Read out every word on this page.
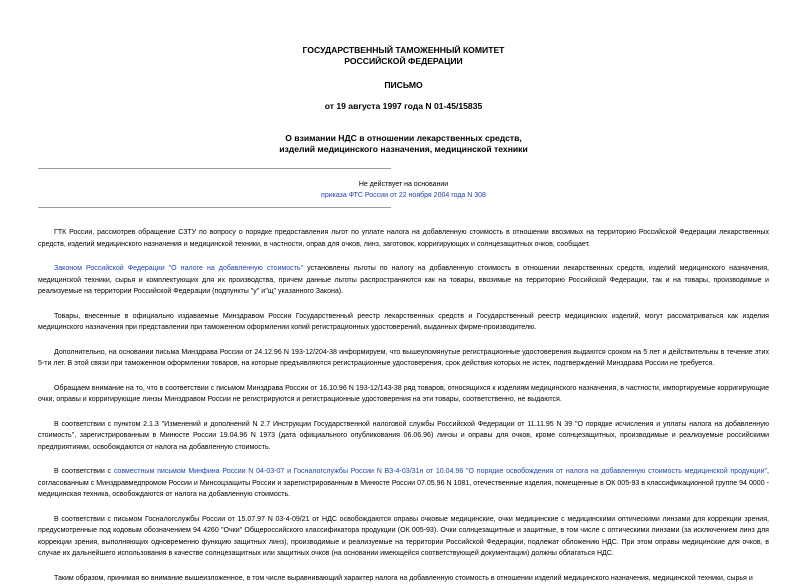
ГОСУДАРСТВЕННЫЙ ТАМОЖЕННЫЙ КОМИТЕТ
РОССИЙСКОЙ ФЕДЕРАЦИИ
ПИСЬМО
от 19 августа 1997 года N 01-45/15835
О взимании НДС в отношении лекарственных средств,
изделий медицинского назначения, медицинской техники
Не действует на основании
приказа ФТС России от 22 ноября 2004 года N 308

ГТК России, рассмотрев обращение СЗТУ по вопросу о порядке предоставления льгот по уплате налога на добавленную стоимость в отношении ввозимых на территорию Российской Федерации лекарственных средств, изделий медицинского назначения и медицинской техники, в частности, оправ для очков, линз, заготовок, корригирующих и солнцезащитных очков, сообщает.

Законом Российской Федерации "О налоге на добавленную стоимость" установлены льготы по налогу на добавленную стоимость в отношении лекарственных средств, изделий медицинского назначения, медицинской техники, сырья и комплектующих для их производства, причем данные льготы распространяются как на товары, ввозимые на территорию Российской Федерации, так и на товары, производимые и реализуемые на территории Российской Федерации (подпункты "у" и"щ" указанного Закона).

Товары, внесенные в официально издаваемые Минздравом России Государственный реестр лекарственных средств и Государственный реестр медицинских изделий, могут рассматриваться как изделия медицинского назначения при представлении при таможенном оформлении копий регистрационных удостоверений, выданных фирме-производителю.

Дополнительно, на основании письма Минздрава России от 24.12.96 N 193-12/204-38 информируем, что вышеупомянутые регистрационные удостоверения выдаются сроком на 5 лет и действительны в течение этих 5-ти лет. В этой связи при таможенном оформлении товаров, на которые предъявляются регистрационные удостоверения, срок действия которых не истек, подтверждений Минздрава России не требуется.

Обращаем внимание на то, что в соответствии с письмом Минздрава России от 16.10.96 N 193-12/143-38 ряд товаров, относящихся к изделиям медицинского назначения, в частности, импортируемые корригирующие очки, оправы и корригирующие линзы Минздравом России не регистрируются и регистрационные удостоверения на эти товары, соответственно, не выдаются.

В соответствии с пунктом 2.1.3 "Изменений и дополнений N 2.7 Инструкции Государственной налоговой службы Российской Федерации от 11.11.95 N 39 "О порядке исчисления и уплаты налога на добавленную стоимость", зарегистрированным в Минюсте России 19.04.96 N 1973 (дата официального опубликования 06.06.96) линзы и оправы для очков, кроме солнцезащитных, производимые и реализуемые российскими предприятиями, освобождаются от налога на добавленную стоимость.

В соответствии с совместным письмом Минфина России N 04-03-07 и Госналогслужбы России N ВЗ-4-03/31н от 10.04.96 "О порядке освобождения от налога на добавленную стоимость медицинской продукции", согласованным с Минздравмедпромом России и Минсоцзащиты России и зарегистрированным в Минюсте России 07.05.96 N 1081, отечественные изделия, помещенные в ОК 005-93 в классификационной группе 94 0000 - медицинская техника, освобождаются от налога на добавленную стоимость.

В соответствии с письмом Госналогслужбы России от 15.07.97 N 03-4-09/21 от НДС освобождаются оправы очковые медицинские, очки медицинские с медицинскими оптическими линзами для коррекции зрения, предусмотренные под кодовым обозначением 94 4260 "Очки" Общероссийского классификатора продукции (ОК 005-93). Очки солнцезащитные и защитные, в том числе с оптическими линзами (за исключением линз для коррекции зрения, выполняющих одновременно функцию защитных линз), производимые и реализуемые на территории Российской Федерации, подлежат обложению НДС. При этом оправы медицинские для очков, в случае их дальнейшего использования в качестве солнцезащитных или защитных очков (на основании имеющейся соответствующей документации) должны облагаться НДС.

Таким образом, принимая во внимание вышеизложенное, в том числе выравнивающий характер налога на добавленную стоимость в отношении изделий медицинского назначения, медицинской техники, сырья и
